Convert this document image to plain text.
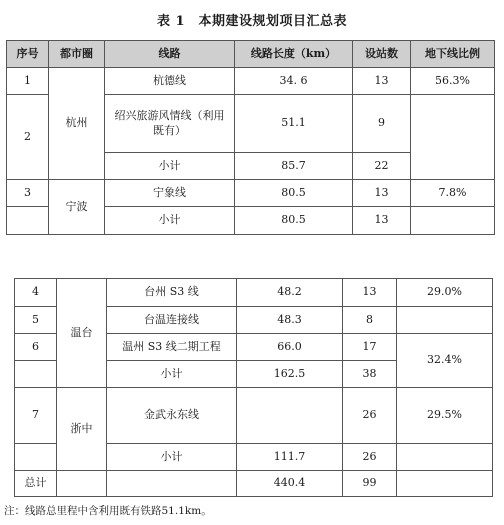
表 1　本期建设规划项目汇总表
序号	都市圈	线路	线路长度（km）	设站数	地下线比例
1	杭州	杭德线	34. 6	13	56.3%
2		绍兴旅游风情线（利用既有）	51.1	9	
		小计	85.7	22	
3	宁波	宁象线	80.5	13	7.8%
		小计	80.5	13	
4	温台	台州 S3 线	48.2	13	29.0%
5		台温连接线	48.3	8	
6		温州 S3 线二期工程	66.0	17	32.4%
		小计	162.5	38	
7	浙中	金武永东线		26	29.5%
		小计	111.7	26	
总计			440.4	99	
注：线路总里程中含利用既有铁路51.1km。
